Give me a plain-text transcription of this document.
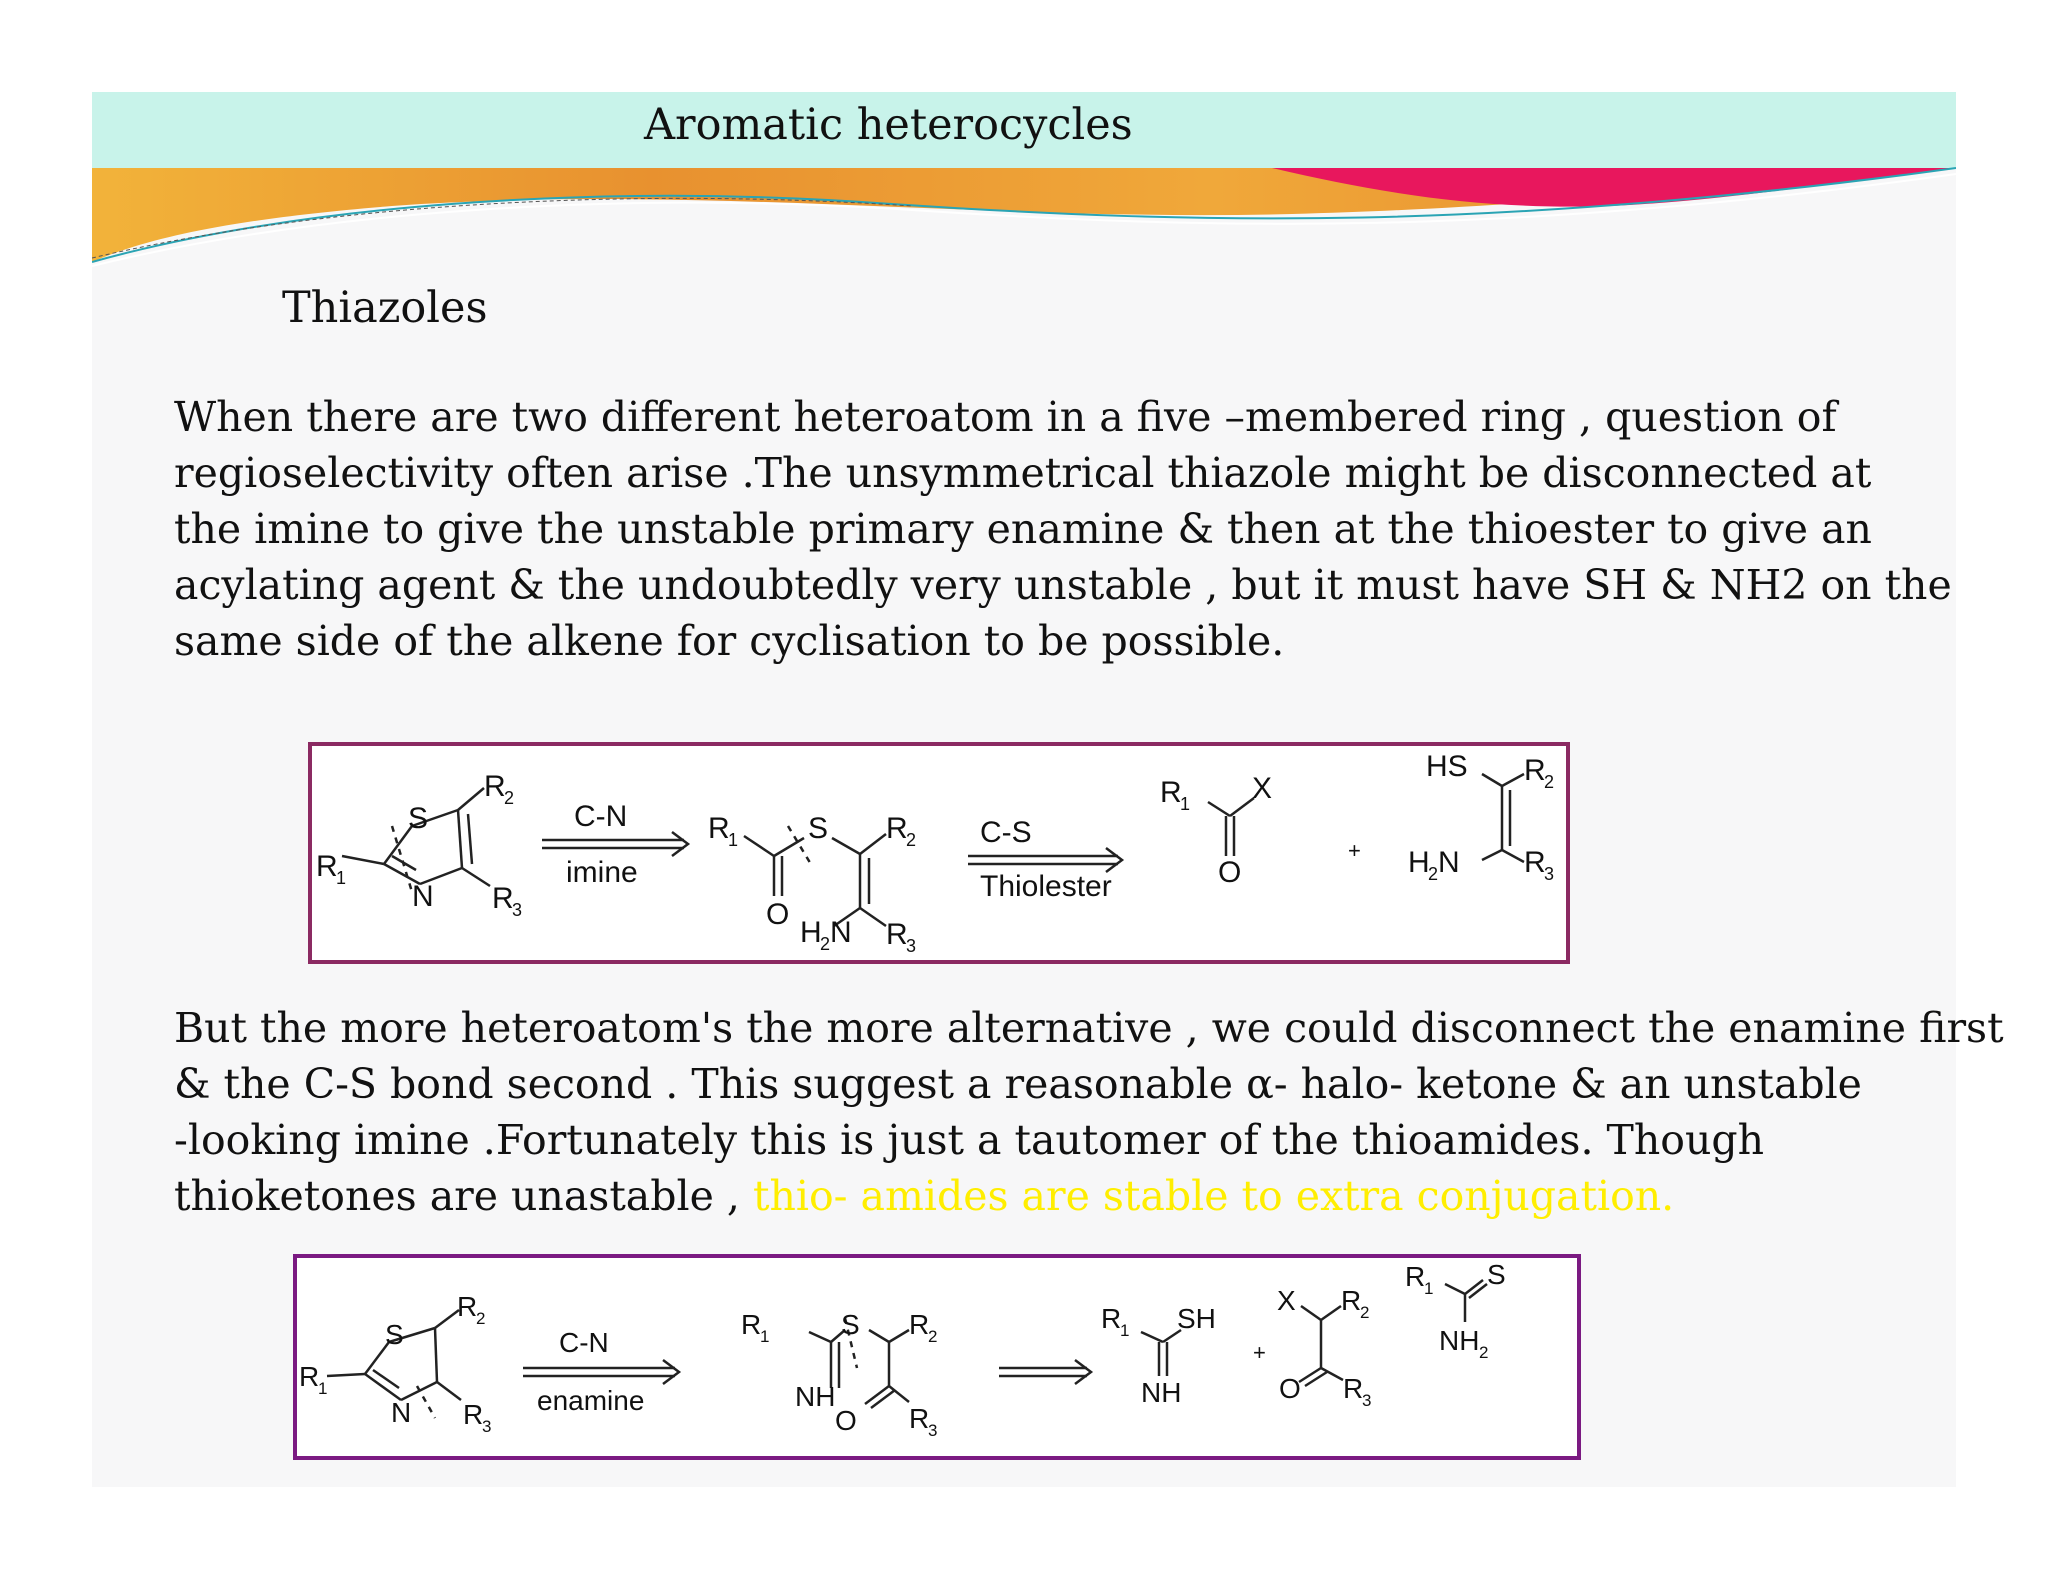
Aromatic heterocycles
Thiazoles
When there are two different heteroatom in a five –membered ring , question of
regioselectivity often arise .The unsymmetrical thiazole might be disconnected at
the imine to give the unstable primary enamine & then at the thioester to give an
acylating agent & the undoubtedly very unstable , but it must have SH & NH2 on the
same side of the alkene for cyclisation to be possible.
S
N
R
1
R
2
R
3
C-N
imine
R
1 S R
2
O
H
2 N R
3
C-S
Thiolester
R
1 X
O
+
HS R
2
H
2 N R
3
But the more heteroatom's the more alternative , we could disconnect the enamine first
& the C-S bond second . This suggest a reasonable α- halo- ketone & an unstable
-looking imine .Fortunately this is just a tautomer of the thioamides. Though
thioketones are unastable , thio- amides are stable to extra conjugation.
S
N
R
1
R
2
R
3
C-N
enamine
R
1	S R
2
NH
O R
3
R
1 SH
NH
+
X R
2
O R
3
R
1 S
NH 2
